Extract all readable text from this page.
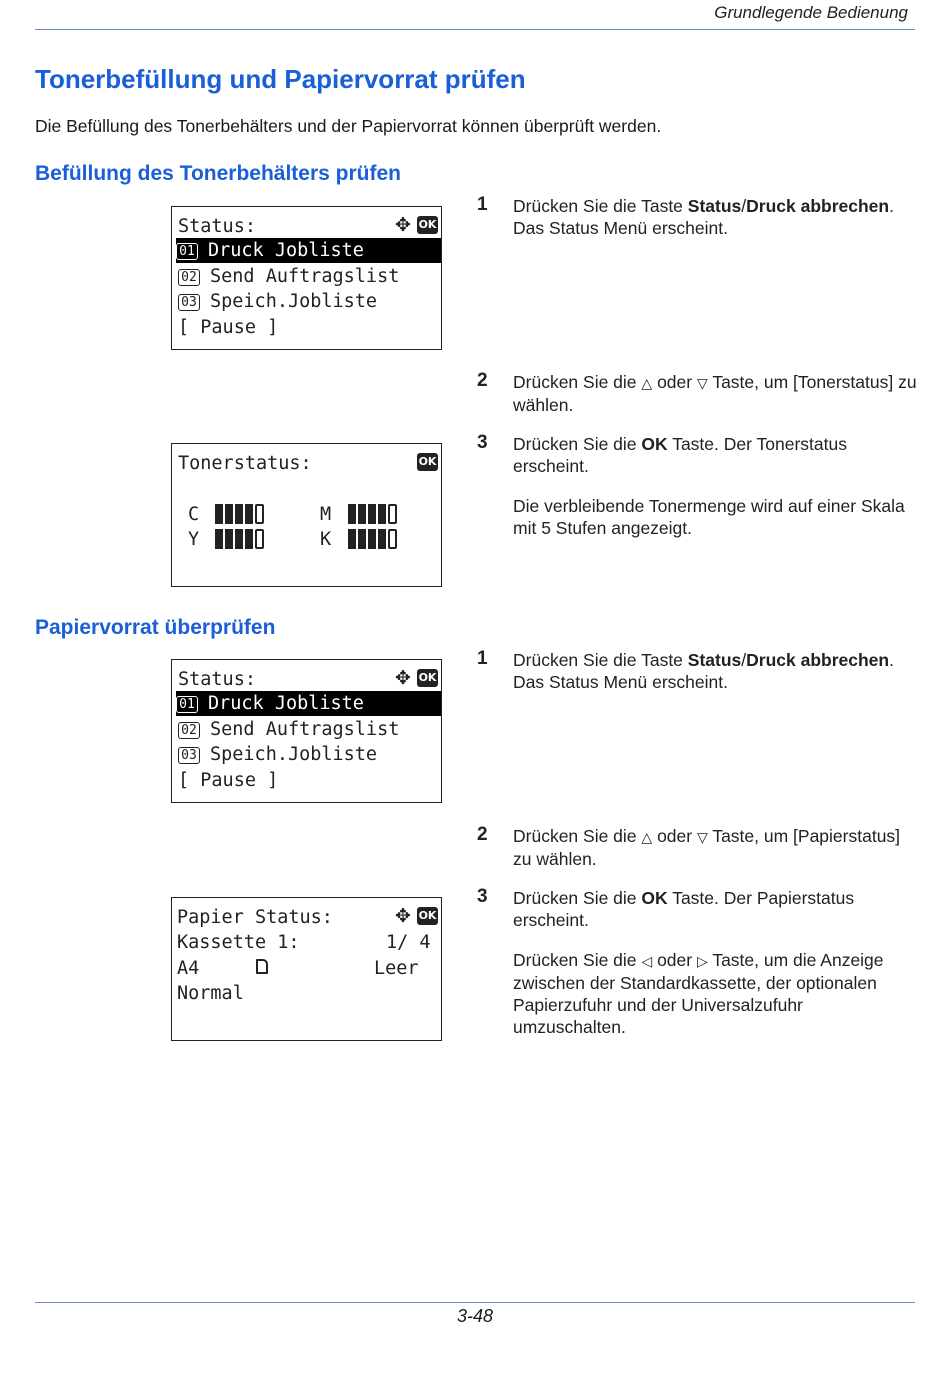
Grundlegende Bedienung
Tonerbefüllung und Papiervorrat prüfen
Die Befüllung des Tonerbehälters und der Papiervorrat können überprüft werden.
Befüllung des Tonerbehälters prüfen
Status:	✥ OK
01 Druck Jobliste
02 Send Auftragslist
03 Speich.Jobliste
[ Pause ]
Tonerstatus:	OK
C	M
Y	K
1 Drücken Sie die Taste Status/Druck abbrechen.
Das Status Menü erscheint.
2 Drücken Sie die △ oder ▽ Taste, um [Tonerstatus] zu wählen.
3 Drücken Sie die OK Taste. Der Tonerstatus erscheint.
Die verbleibende Tonermenge wird auf einer Skala mit 5 Stufen angezeigt.
Papiervorrat überprüfen
Status:	✥ OK
01 Druck Jobliste
02 Send Auftragslist
03 Speich.Jobliste
[ Pause ]
Papier Status:	✥ OK
Kassette 1:	1/ 4
A4	Leer
Normal
1 Drücken Sie die Taste Status/Druck abbrechen.
Das Status Menü erscheint.
2 Drücken Sie die △ oder ▽ Taste, um [Papierstatus] zu wählen.
3 Drücken Sie die OK Taste. Der Papierstatus erscheint.
Drücken Sie die ◁ oder ▷ Taste, um die Anzeige zwischen der Standardkassette, der optionalen Papierzufuhr und der Universalzufuhr umzuschalten.
3-48
